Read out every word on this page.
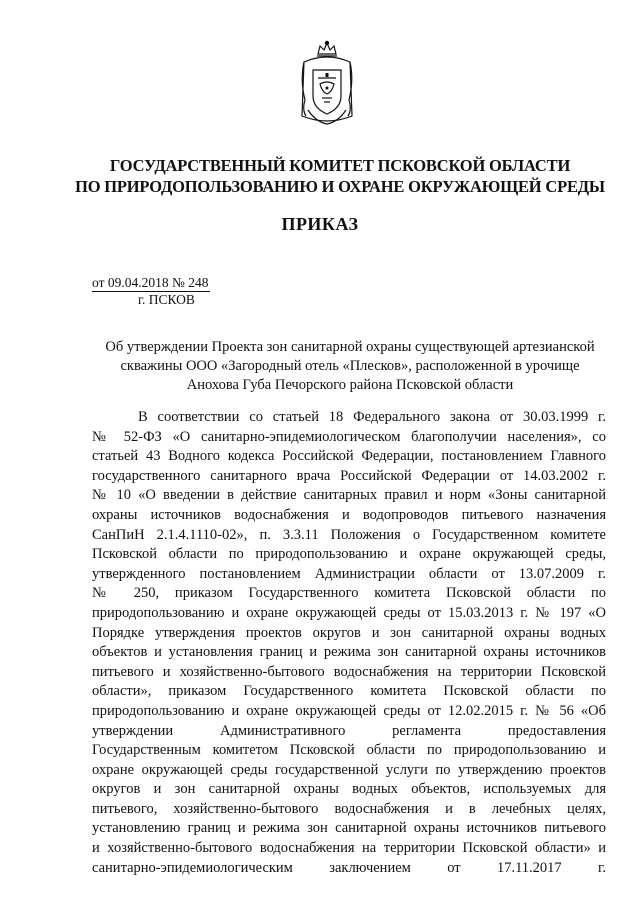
ГОСУДАРСТВЕННЫЙ КОМИТЕТ ПСКОВСКОЙ ОБЛАСТИ
ПО ПРИРОДОПОЛЬЗОВАНИЮ И ОХРАНЕ ОКРУЖАЮЩЕЙ СРЕДЫ
ПРИКАЗ
от 09.04.2018 № 248
г. ПСКОВ
Об утверждении Проекта зон санитарной охраны существующей артезианской
скважины ООО «Загородный отель «Плесков», расположенной в урочище
Анохова Губа Печорского района Псковской области
В соответствии со статьей 18 Федерального закона от 30.03.1999 г.
№ 52-ФЗ «О санитарно-эпидемиологическом благополучии населения», со
статьей 43 Водного кодекса Российской Федерации, постановлением Главного
государственного санитарного врача Российской Федерации от 14.03.2002 г.
№ 10 «О введении в действие санитарных правил и норм «Зоны санитарной
охраны источников водоснабжения и водопроводов питьевого назначения
СанПиН 2.1.4.1110-02», п. 3.3.11 Положения о Государственном комитете
Псковской области по природопользованию и охране окружающей среды,
утвержденного постановлением Администрации области от 13.07.2009 г.
№ 250, приказом Государственного комитета Псковской области по
природопользованию и охране окружающей среды от 15.03.2013 г. № 197 «О
Порядке утверждения проектов округов и зон санитарной охраны водных
объектов и установления границ и режима зон санитарной охраны источников
питьевого и хозяйственно-бытового водоснабжения на территории Псковской
области», приказом Государственного комитета Псковской области по
природопользованию и охране окружающей среды от 12.02.2015 г. № 56 «Об
утверждении Административного регламента предоставления
Государственным комитетом Псковской области по природопользованию и
охране окружающей среды государственной услуги по утверждению проектов
округов и зон санитарной охраны водных объектов, используемых для
питьевого, хозяйственно-бытового водоснабжения и в лечебных целях,
установлению границ и режима зон санитарной охраны источников питьевого
и хозяйственно-бытового водоснабжения на территории Псковской области» и
санитарно-эпидемиологическим заключением от 17.11.2017 г.
